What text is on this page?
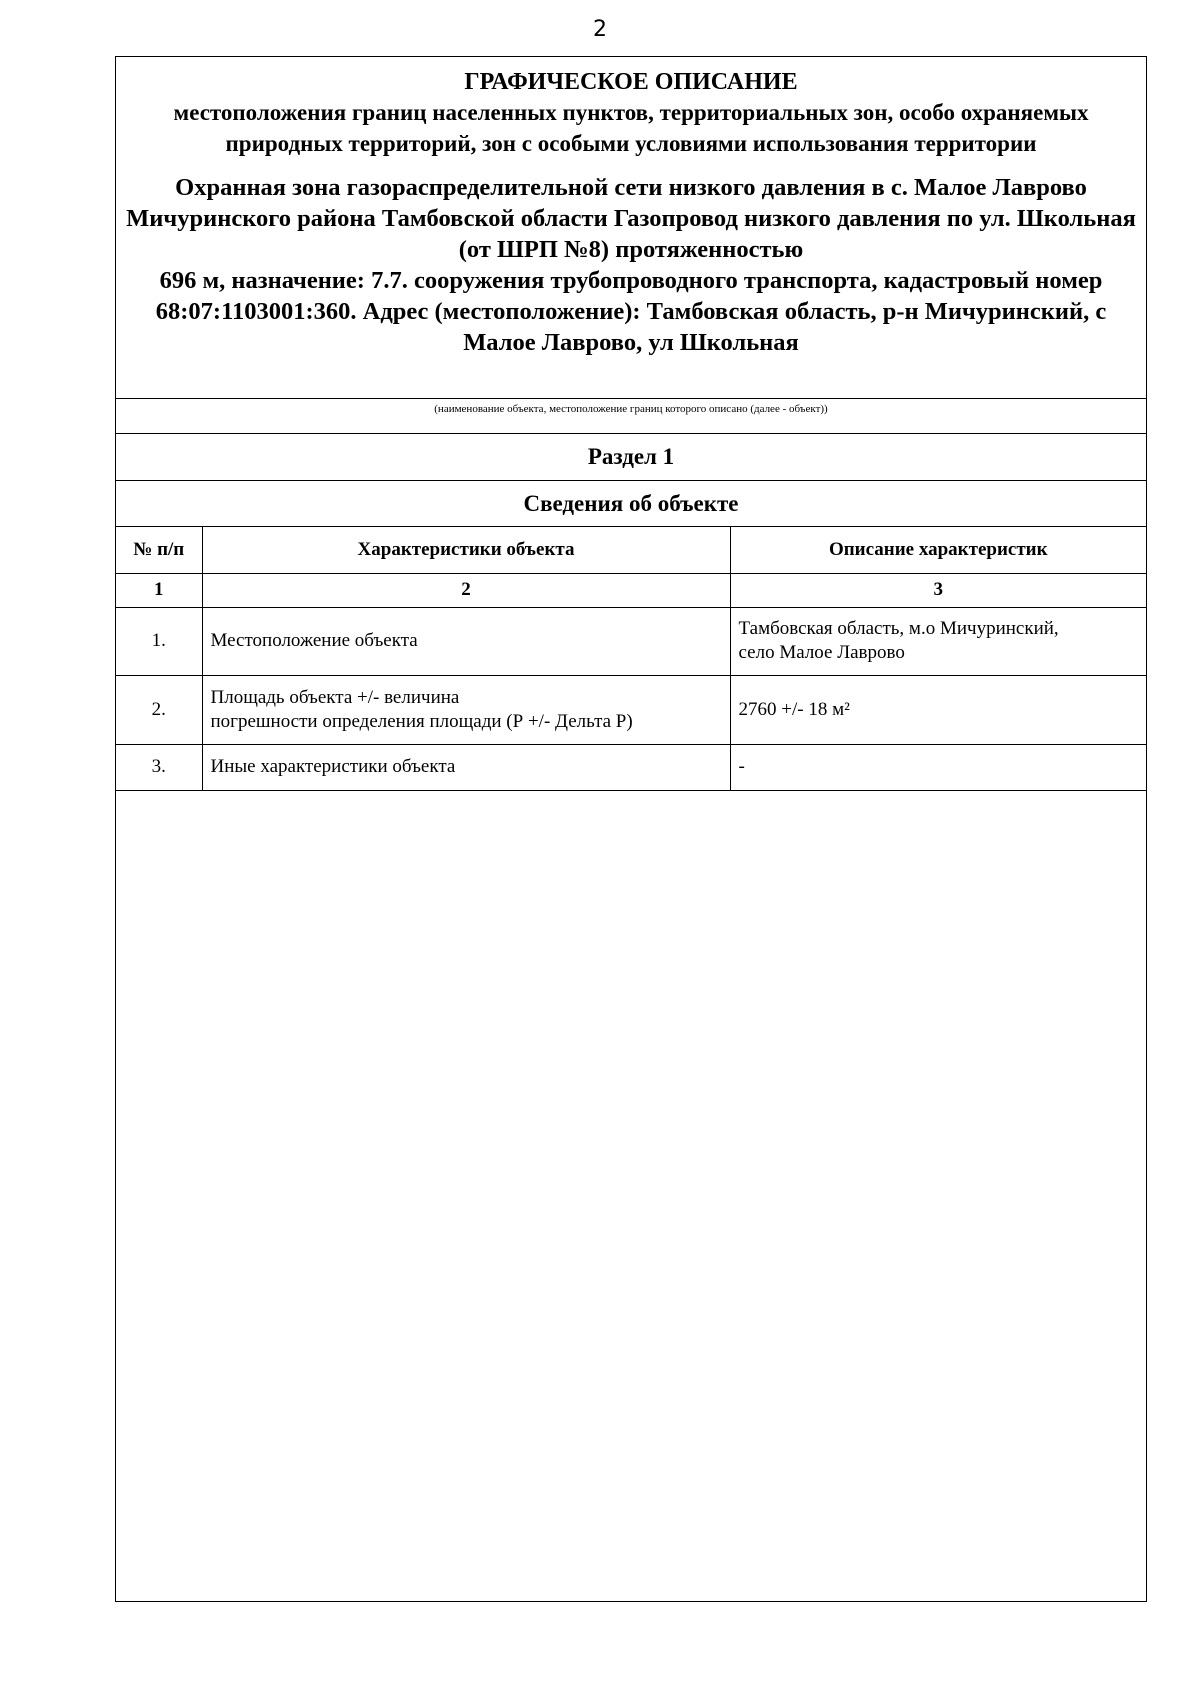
2
ГРАФИЧЕСКОЕ ОПИСАНИЕ
местоположения границ населенных пунктов, территориальных зон, особо охраняемых природных территорий, зон с особыми условиями использования территории
Охранная зона газораспределительной сети низкого давления в с. Малое Лаврово Мичуринского района Тамбовской области Газопровод низкого давления по ул. Школьная (от ШРП №8) протяженностью
696 м, назначение: 7.7. сооружения трубопроводного транспорта, кадастровый номер 68:07:1103001:360. Адрес (местоположение): Тамбовская область, р-н Мичуринский, с Малое Лаврово, ул Школьная
(наименование объекта, местоположение границ которого описано (далее - объект))
Раздел 1
Сведения об объекте
№ п/п	Характеристики объекта	Описание характеристик
1	2	3
1.	Местоположение объекта	Тамбовская область, м.о Мичуринский,
село Малое Лаврово
2.	Площадь объекта +/- величина
погрешности определения площади (Р +/- Дельта Р)	2760 +/- 18 м²
3.	Иные характеристики объекта	-
